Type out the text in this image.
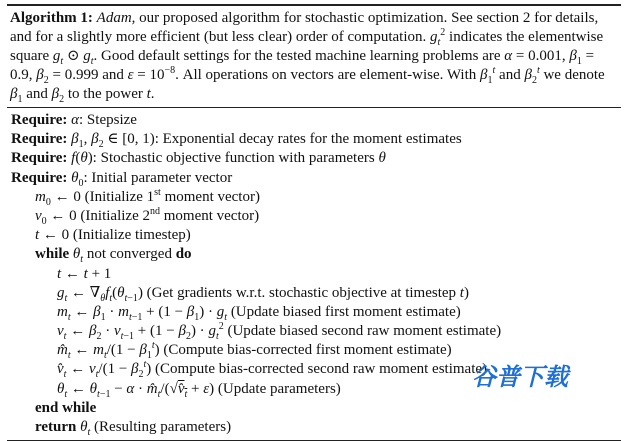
Algorithm 1: Adam, our proposed algorithm for stochastic optimization. See section 2 for details, and for a slightly more efficient (but less clear) order of computation. $g_t^2$ indicates the elementwise square $g_t$ ⊙ $g_t$. Good default settings for the tested machine learning problems are α = 0.001, $\beta_1 = 0.9$, $\beta_2 = 0.999$ and $\varepsilon = 10^{-8}$. All operations on vectors are element-wise. With $\beta_1^t$ and $\beta_2^t$ we denote $\beta_1$ and $\beta_2$ to the power t.
Require: α: Stepsize
Require: $\beta_1$, $\beta_2$ ∈ [0, 1): Exponential decay rates for the moment estimates
Require: f(θ): Stochastic objective function with parameters θ
Require: $\theta_0$: Initial parameter vector
$m_0$ ← 0 (Initialize 1st moment vector)
$v_0$ ← 0 (Initialize 2nd moment vector)
t ← 0 (Initialize timestep)
while $\theta_t$ not converged do
t ← t + 1
$g_t$ ← $\nabla_\theta f_t(\theta_{t-1})$ (Get gradients w.r.t. stochastic objective at timestep t)
$m_t$ ← $\beta_1 \cdot m_{t-1} + (1 - \beta_1) \cdot g_t$ (Update biased first moment estimate)
$v_t$ ← $\beta_2 \cdot v_{t-1} + (1 - \beta_2) \cdot g_t^2$ (Update biased second raw moment estimate)
$m̂_t$ ← $m_t/(1 - \beta_1^t)$ (Compute bias-corrected first moment estimate)
$v̂_t$ ← $v_t/(1 - \beta_2^t)$ (Compute bias-corrected second raw moment estimate)
$\theta_t$ ← $\theta_{t-1} - \alpha$ · $m̂_t/(√v̂_t + \varepsilon)$ (Update parameters)
end while
return $\theta_t$ (Resulting parameters)
谷普下载
